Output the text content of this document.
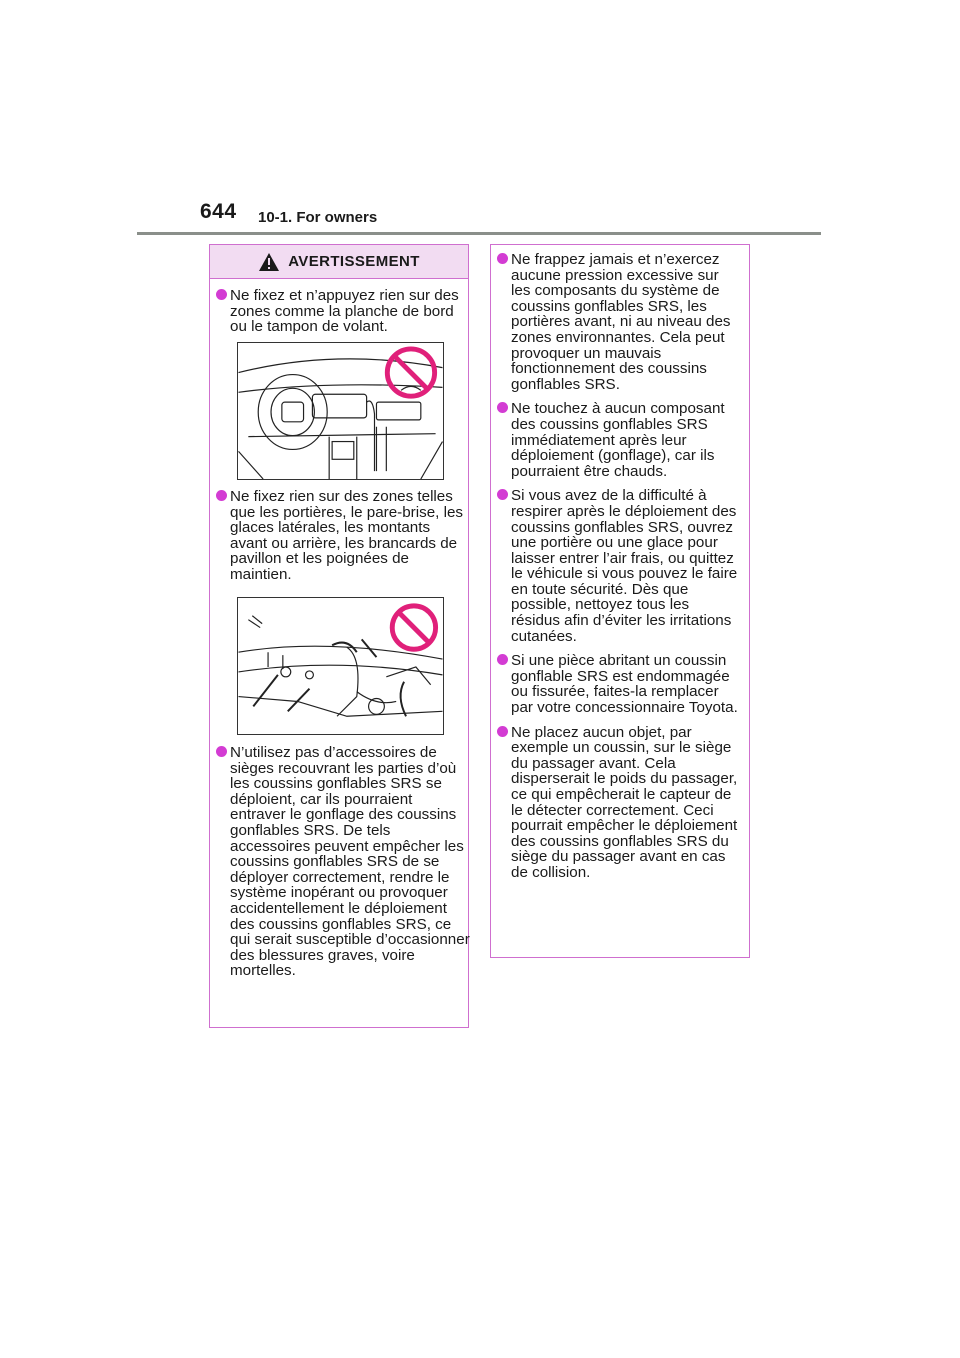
644 10-1. For owners
AVERTISSEMENT
Ne fixez et n’appuyez rien sur des zones comme la planche de bord ou le tampon de volant.
Ne fixez rien sur des zones telles que les portières, le pare-brise, les glaces latérales, les montants avant ou arrière, les brancards de pavillon et les poignées de maintien.
N’utilisez pas d’accessoires de sièges recouvrant les parties d’où les coussins gonflables SRS se déploient, car ils pourraient entraver le gonflage des coussins gonflables SRS. De tels accessoires peuvent empêcher les coussins gonflables SRS de se déployer correctement, rendre le système inopérant ou provoquer accidentellement le déploiement des coussins gonflables SRS, ce qui serait susceptible d’occasionner des blessures graves, voire mortelles.
Ne frappez jamais et n’exercez aucune pression excessive sur les composants du système de coussins gonflables SRS, les portières avant, ni au niveau des zones environnantes. Cela peut provoquer un mauvais fonctionnement des coussins gonflables SRS.
Ne touchez à aucun composant des coussins gonflables SRS immédiatement après leur déploiement (gonflage), car ils pourraient être chauds.
Si vous avez de la difficulté à respirer après le déploiement des coussins gonflables SRS, ouvrez une portière ou une glace pour laisser entrer l’air frais, ou quittez le véhicule si vous pouvez le faire en toute sécurité. Dès que possible, nettoyez tous les résidus afin d’éviter les irritations cutanées.
Si une pièce abritant un coussin gonflable SRS est endommagée ou fissurée, faites-la remplacer par votre concessionnaire Toyota.
Ne placez aucun objet, par exemple un coussin, sur le siège du passager avant. Cela disperserait le poids du passager, ce qui empêcherait le capteur de le détecter correctement. Ceci pourrait empêcher le déploiement des coussins gonflables SRS du siège du passager avant en cas de collision.
